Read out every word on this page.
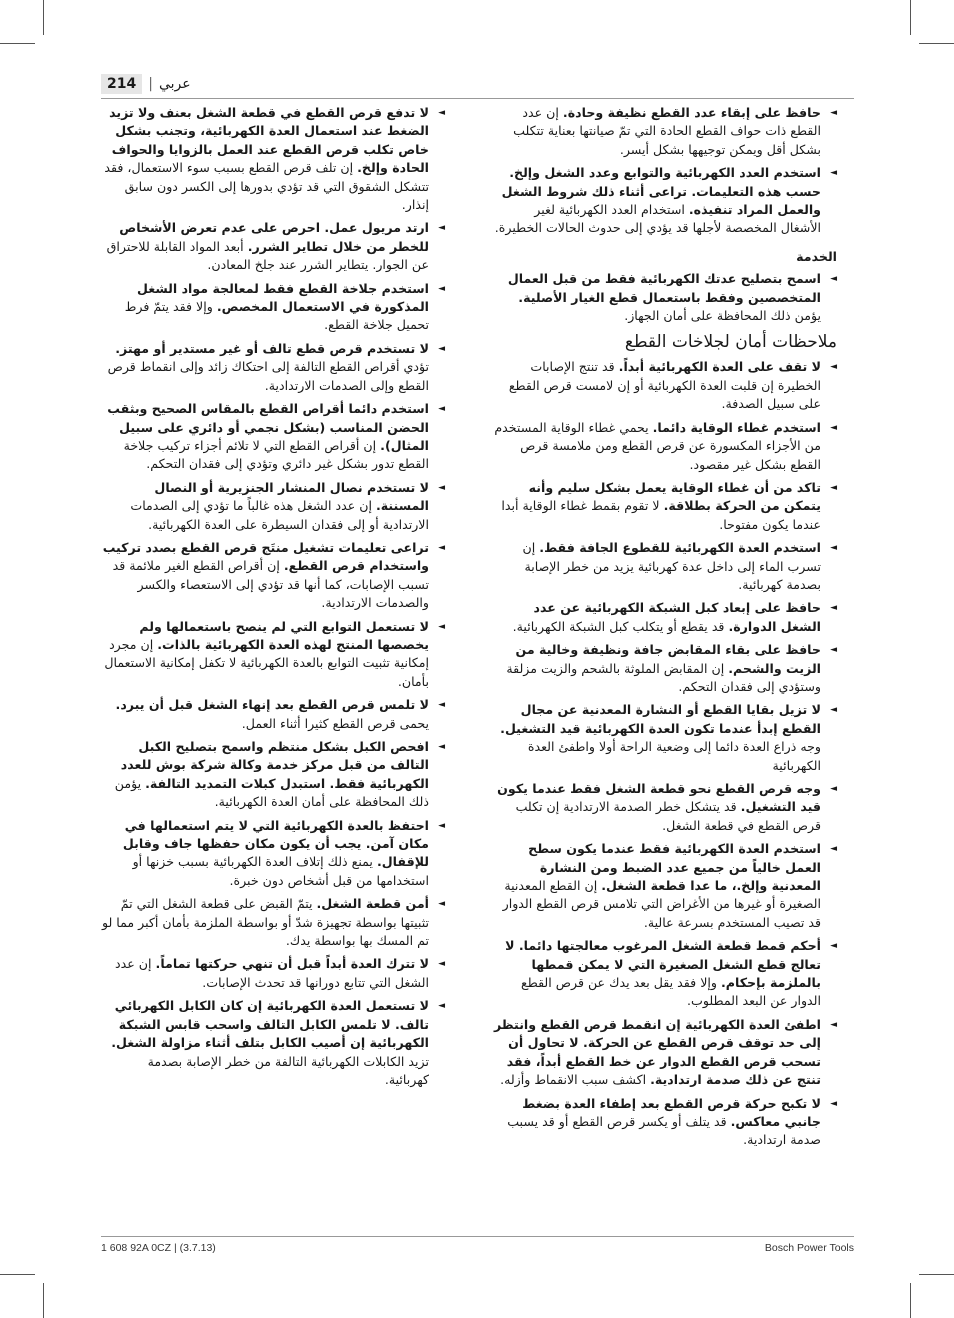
214 | عربي
◄
حافظ على إبقاء عدد القطع نظيفة وحادة. إن عدد القطع ذات حواف القطع الحادة التي تمّ صيانتها بعناية تتكلب بشكل أقل ويمكن توجيهها بشكل أيسر.
◄
استخدم العدد الكهربائية والتوابع وعدد الشغل وإلخ. حسب هذه التعليمات. تراعى أثناء ذلك شروط الشغل والعمل المراد تنفيذه. استخدام العدد الكهربائية لغير الأشغال المخصصة لأجلها قد يؤدي إلى حدوث الحالات الخطيرة.
الخدمة
◄
اسمح بتصليح عدتك الكهربائية فقط من قبل العمال المتخصصين وفقط باستعمال قطع الغيار الأصلية. يؤمن ذلك المحافظة على أمان الجهاز.
ملاحظات أمان لجلاخات القطع
◄
لا تقف على العدة الكهربائية أبداً. قد تنتج الإصابات الخطيرة إن قلبت العدة الكهربائية أو إن لامست قرص القطع على سبيل الصدفة.
◄
استخدم غطاء الوقاية دائما. يحمي غطاء الوقاية المستخدم من الأجزاء المكسورة عن قرص القطع ومن ملامسة قرص القطع بشكل غير مقصود.
◄
تاكد من أن غطاء الوقاية يعمل بشكل سليم وأنه يتمكن من الحركة بطلاقة. لا تقوم بقمط غطاء الوقاية أبدا عندما يكون مفتوحا.
◄
استخدم العدة الكهربائية للقطوع الجافة فقط. إن تسرب الماء إلى داخل عدة كهربائية يزيد من خطر الإصابة بصدمة كهربائية.
◄
حافظ على إبعاد كبل الشبكة الكهربائية عن عدد الشغل الدوارة. قد يقطع أو يتكلب كبل الشبكة الكهربائية.
◄
حافظ على بقاء المقابض جافة ونظيفة وخالية من الزيت والشحم. إن المقابض الملوثة بالشحم والزيت مزلقة وستؤدي إلى فقدان التحكم.
◄
لا تزيل بقايا القطع أو النشارة المعدنية عن مجال القطع إبدأ عندما تكون العدة الكهربائية قيد التشغيل. وجه ذراع العدة دائما إلى وضعية الراحة أولا واطفئ العدة الكهربائية
◄
وجه قرص القطع نحو قطعة الشغل فقط عندما يكون قيد التشغيل. قد يتشكل خطر الصدمة الارتدادية إن تكلب قرص القطع في قطعة الشغل.
◄
استخدم العدة الكهربائية فقط عندما يكون سطح العمل خالياً من جميع عدد الضبط ومن النشارة المعدنية وإلخ.، ما عدا قطعة الشغل. إن القطع المعدنية الصغيرة أو غيرها من الأغراض التي تلامس قرص القطع الدوار قد تصيب المستخدم بسرعة عالية.
◄
أحكم قمط قطعة الشغل المرغوب معالجتها دائما. لا تعالج قطع الشغل الصغيرة التي لا يمكن قمطها بالملزمة بإحكام. وإلا فقد يقل بعد يدك عن قرص القطع الدوار عن البعد المطلوب.
◄
اطفئ العدة الكهربائية إن انقمط قرص القطع وانتظر إلى حد توقف قرص القطع عن الحركة. لا تحاول أن تسحب قرص القطع الدوار عن خط القطع أبداً، فقد تنتج عن ذلك صدمة ارتدادية. اكشف سبب الانقماط وأزله.
◄
لا تكبح حركة قرص القطع بعد إطفاء العدة بضغط جانبي معاكس. قد يتلف أو يكسر قرص القطع أو قد يسبب صدمة ارتدادية.
◄
لا تدفع قرص القطع في قطعة الشغل بعنف ولا تزيد الضغط عند استعمال العدة الكهربائية، وتجنب بشكل خاص تكلب قرص القطع عند العمل بالزوايا والحواف الحادة وإلخ. إن تلف قرص القطع بسبب سوء الاستعمال، فقد تتشكل الشقوق التي قد تؤدي بدورها إلى الكسر دون سابق إنذار.
◄
ارتد مريول عمل. احرص على عدم تعرض الأشخاص للخطر من خلال تطاير الشرر. أبعد المواد القابلة للاحتراق عن الجوار. يتطاير الشرر عند جلخ المعادن.
◄
استخدم جلاخة القطع فقط لمعالجة مواد الشغل المذكورة في الاستعمال المخصص. وإلا فقد يتمّ فرط تحميل جلاخة القطع.
◄
لا تستخدم قرص قطع تالف أو غير مستدير أو مهتز. تؤدي أقراص القطع التالفة إلى احتكاك زائد وإلى انقماط قرص القطع وإلى الصدمات الارتدادية.
◄
استخدم دائما أقراص القطع بالمقاس الصحيح وبثقب الحضن المناسب (بشكل نجمي أو دائري على سبيل المثال). إن أقراص القطع التي لا تلائم أجزاء تركيب جلاخة القطع تدور بشكل غير دائري وتؤدي إلى فقدان التحكم.
◄
لا تستخدم نصال المنشار الجنزيرية أو النصال المسننة. إن عدد الشغل هذه غالباً ما تؤدي إلى الصدمات الارتدادية أو إلى فقدان السيطرة على العدة الكهربائية.
◄
تراعى تعليمات تشغيل منتَج قرص القطع بصدد تركيب واستخدام قرص القطع. إن أقراص القطع الغير ملائمة قد تسبب الإصابات، كما أنها قد تؤدي إلى الاستعصاء والكسر والصدمات الارتدادية.
◄
لا تستعمل التوابع التي لم ينصح باستعمالها ولم يخصصها المنتج لهذه العدة الكهربائية بالذات. إن مجرد إمكانية تثبيت التوابع بالعدة الكهربائية لا تكفل إمكانية الاستعمال بأمان.
◄
لا تلمس قرص القطع بعد إنهاء الشغل قبل أن يبرد. يحمى قرص القطع كثيرا أثناء العمل.
◄
افحص الكبل بشكل منتظم واسمح بتصليح الكبل التالف من قبل مركز خدمة وكالة شركة بوش للعدد الكهربائية فقط. استبدل كبلات التمديد التالفة. يؤمن ذلك المحافظة على أمان العدة الكهربائية.
◄
احتفظ بالعدة الكهربائية التي لا يتم استعمالها في مكان آمن. يجب أن يكون مكان حفظها جاف وقابل للإقفال. يمنع ذلك إتلاف العدة الكهربائية بسبب خزنها أو استخدامها من قبل أشخاص دون خبرة.
◄
أمن قطعة الشغل. يتمّ القبض على قطعة الشغل التي تمّ تثبيتها بواسطة تجهيزة شدّ أو بواسطة الملزمة بأمان أكبر مما لو تم المسك بها بواسطة يدك.
◄
لا تترك العدة أبداً قبل أن تنهي حركتها تماماً. إن عدد الشغل التي تتابع دورانها قد تحدث الإصابات.
◄
لا تستعمل العدة الكهربائية إن كان الكابل الكهربائي تالف. لا تلمس الكابل التالف واسحب قابس الشبكة الكهربائية إن أصيب الكابل بتلف أثناء مزاولة الشغل. تزيد الكابلات الكهربائية التالفة من خطر الإصابة بصدمة كهربائية.
1 608 92A 0CZ | (3.7.13)	Bosch Power Tools
